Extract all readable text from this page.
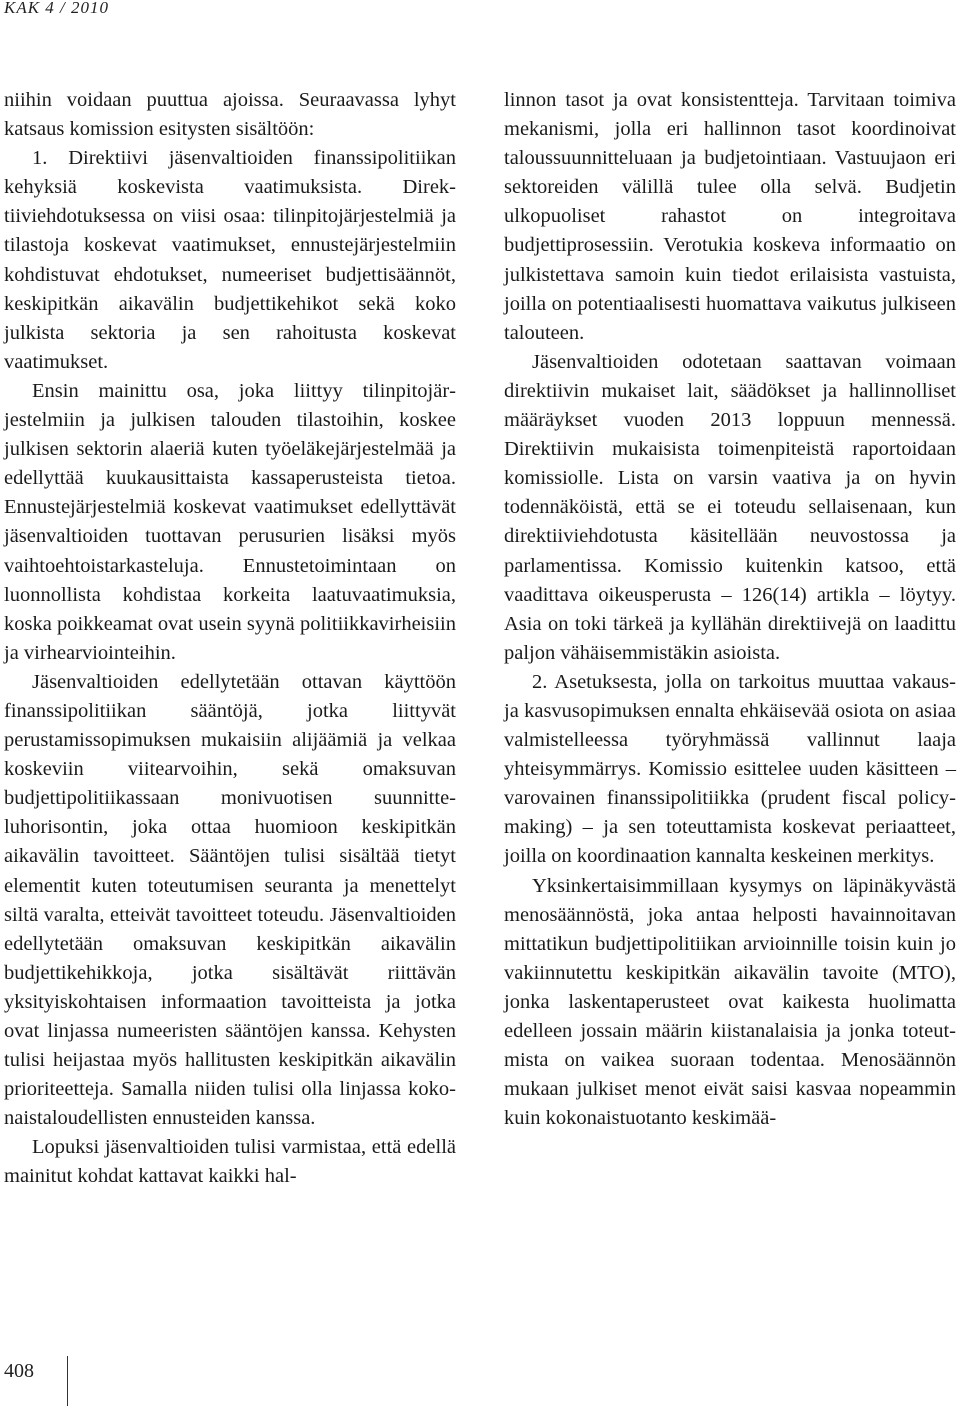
KAK 4 / 2010

niihin voidaan puuttua ajoissa. Seuraavassa lyhyt katsaus komission esitysten sisältöön:

1. Direktiivi jäsenvaltioiden finanssipolitiikan kehyksiä koskevista vaatimuksista. Direktiiviehdotuksessa on viisi osaa: tilinpitojärjestelmiä ja tilastoja koskevat vaatimukset, ennustejärjestelmiin kohdistuvat ehdotukset, numeeriset budjettisäännöt, keskipitkän aikavälin budjettikehikot sekä koko julkista sektoria ja sen rahoitusta koskevat vaatimukset.

Ensin mainittu osa, joka liittyy tilinpitojärjestelmiin ja julkisen talouden tilastoihin, koskee julkisen sektorin alaeriä kuten työeläkejärjestelmää ja edellyttää kuukausittaista kassaperusteista tietoa. Ennustejärjestelmiä koskevat vaatimukset edellyttävät jäsenvaltioiden tuottavan perusurien lisäksi myös vaihtoehtoistarkasteluja. Ennustetoimintaan on luonnollista kohdistaa korkeita laatuvaatimuksia, koska poikkeamat ovat usein syynä politiikkavirheisiin ja virhearviointeihin.

Jäsenvaltioiden edellytetään ottavan käyttöön finanssipolitiikan sääntöjä, jotka liittyvät perustamissopimuksen mukaisiin alijäämiä ja velkaa koskeviin viitearvoihin, sekä omaksuvan budjettipolitiikassaan monivuotisen suunnitteluhorisontin, joka ottaa huomioon keskipitkän aikavälin tavoitteet. Sääntöjen tulisi sisältää tietyt elementit kuten toteutumisen seuranta ja menettelyt siltä varalta, etteivät tavoitteet toteudu. Jäsenvaltioiden edellytetään omaksuvan keskipitkän aikavälin budjettikehikkoja, jotka sisältävät riittävän yksityiskohtaisen informaation tavoitteista ja jotka ovat linjassa numeeristen sääntöjen kanssa. Kehysten tulisi heijastaa myös hallitusten keskipitkän aikavälin prioriteetteja. Samalla niiden tulisi olla linjassa kokonaistaloudellisten ennusteiden kanssa.

Lopuksi jäsenvaltioiden tulisi varmistaa, että edellä mainitut kohdat kattavat kaikki hal-

linnon tasot ja ovat konsistentteja. Tarvitaan toimiva mekanismi, jolla eri hallinnon tasot koordinoivat taloussuunnitteluaan ja budjetointiaan. Vastuujaon eri sektoreiden välillä tulee olla selvä. Budjetin ulkopuoliset rahastot on integroitava budjettiprosessiin. Verotukia koskeva informaatio on julkistettava samoin kuin tiedot erilaisista vastuista, joilla on potentiaalisesti huomattava vaikutus julkiseen talouteen.

Jäsenvaltioiden odotetaan saattavan voimaan direktiivin mukaiset lait, säädökset ja hallinnolliset määräykset vuoden 2013 loppuun mennessä. Direktiivin mukaisista toimenpiteistä raportoidaan komissiolle. Lista on varsin vaativa ja on hyvin todennäköistä, että se ei toteudu sellaisenaan, kun direktiiviehdotusta käsitellään neuvostossa ja parlamentissa. Komissio kuitenkin katsoo, että vaadittava oikeusperusta – 126(14) artikla – löytyy. Asia on toki tärkeä ja kyllähän direktiivejä on laadittu paljon vähäisemmistäkin asioista.

2. Asetuksesta, jolla on tarkoitus muuttaa vakaus- ja kasvusopimuksen ennalta ehkäisevää osiota on asiaa valmistelleessa työryhmässä vallinnut laaja yhteisymmärrys. Komissio esittelee uuden käsitteen – varovainen finanssipolitiikka (prudent fiscal policy-making) – ja sen toteuttamista koskevat periaatteet, joilla on koordinaation kannalta keskeinen merkitys.

Yksinkertaisimmillaan kysymys on läpinäkyvästä menosäännöstä, joka antaa helposti havainnoitavan mittatikun budjettipolitiikan arvioinnille toisin kuin jo vakiinnutettu keskipitkän aikavälin tavoite (MTO), jonka laskentaperusteet ovat kaikesta huolimatta edelleen jossain määrin kiistanalaisia ja jonka toteutmista on vaikea suoraan todentaa. Menosäännön mukaan julkiset menot eivät saisi kasvaa nopeammin kuin kokonaistuotanto keskimää-

408
